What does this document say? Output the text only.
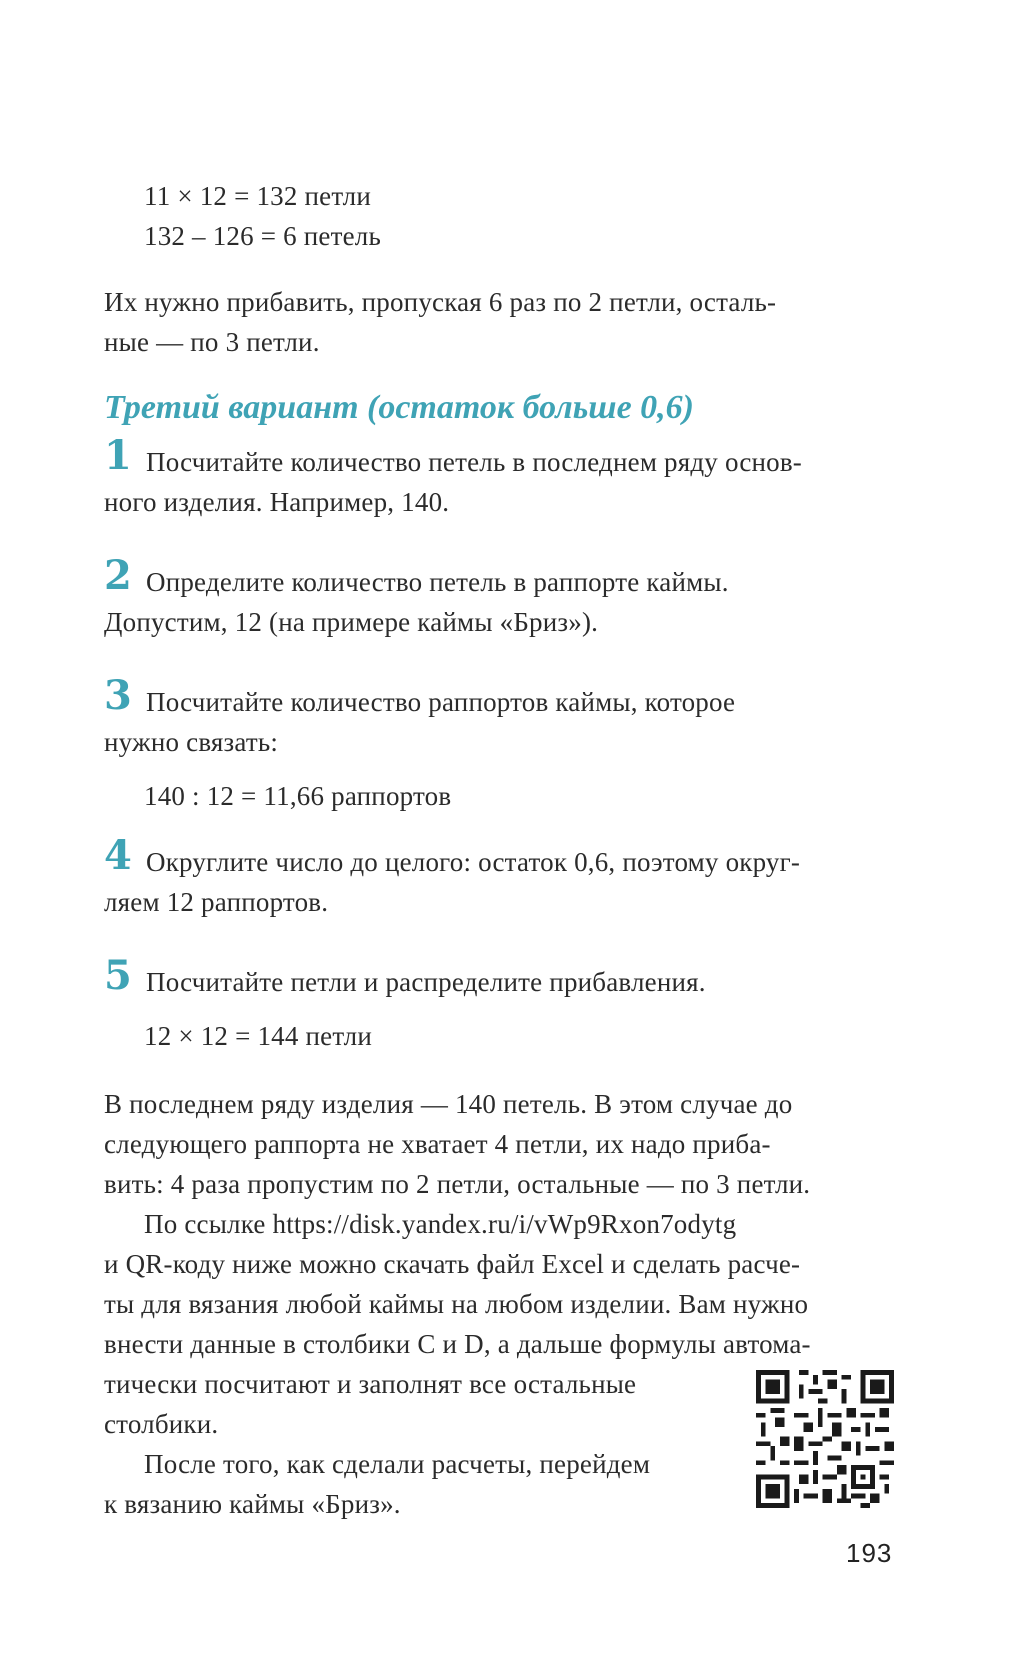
11 × 12 = 132 петли
132 – 126 = 6 петель
Их нужно прибавить, пропуская 6 раз по 2 петли, осталь-
ные — по 3 петли.
Третий вариант (остаток больше 0,6)
1 Посчитайте количество петель в последнем ряду основ-
ного изделия. Например, 140.
2 Определите количество петель в раппорте каймы.
Допустим, 12 (на примере каймы «Бриз»).
3 Посчитайте количество раппортов каймы, которое
нужно связать:
140 : 12 = 11,66 раппортов
4 Округлите число до целого: остаток 0,6, поэтому округ-
ляем 12 раппортов.
5 Посчитайте петли и распределите прибавления.
12 × 12 = 144 петли
В последнем ряду изделия — 140 петель. В этом случае до
следующего раппорта не хватает 4 петли, их надо приба-
вить: 4 раза пропустим по 2 петли, остальные — по 3 петли.
По ссылке https://disk.yandex.ru/i/vWp9Rxon7odytg
и QR-коду ниже можно скачать файл Excel и сделать расче-
ты для вязания любой каймы на любом изделии. Вам нужно
внести данные в столбики C и D, а дальше формулы автома-
тически посчитают и заполнят все остальные
столбики.
После того, как сделали расчеты, перейдем
к вязанию каймы «Бриз».
193
